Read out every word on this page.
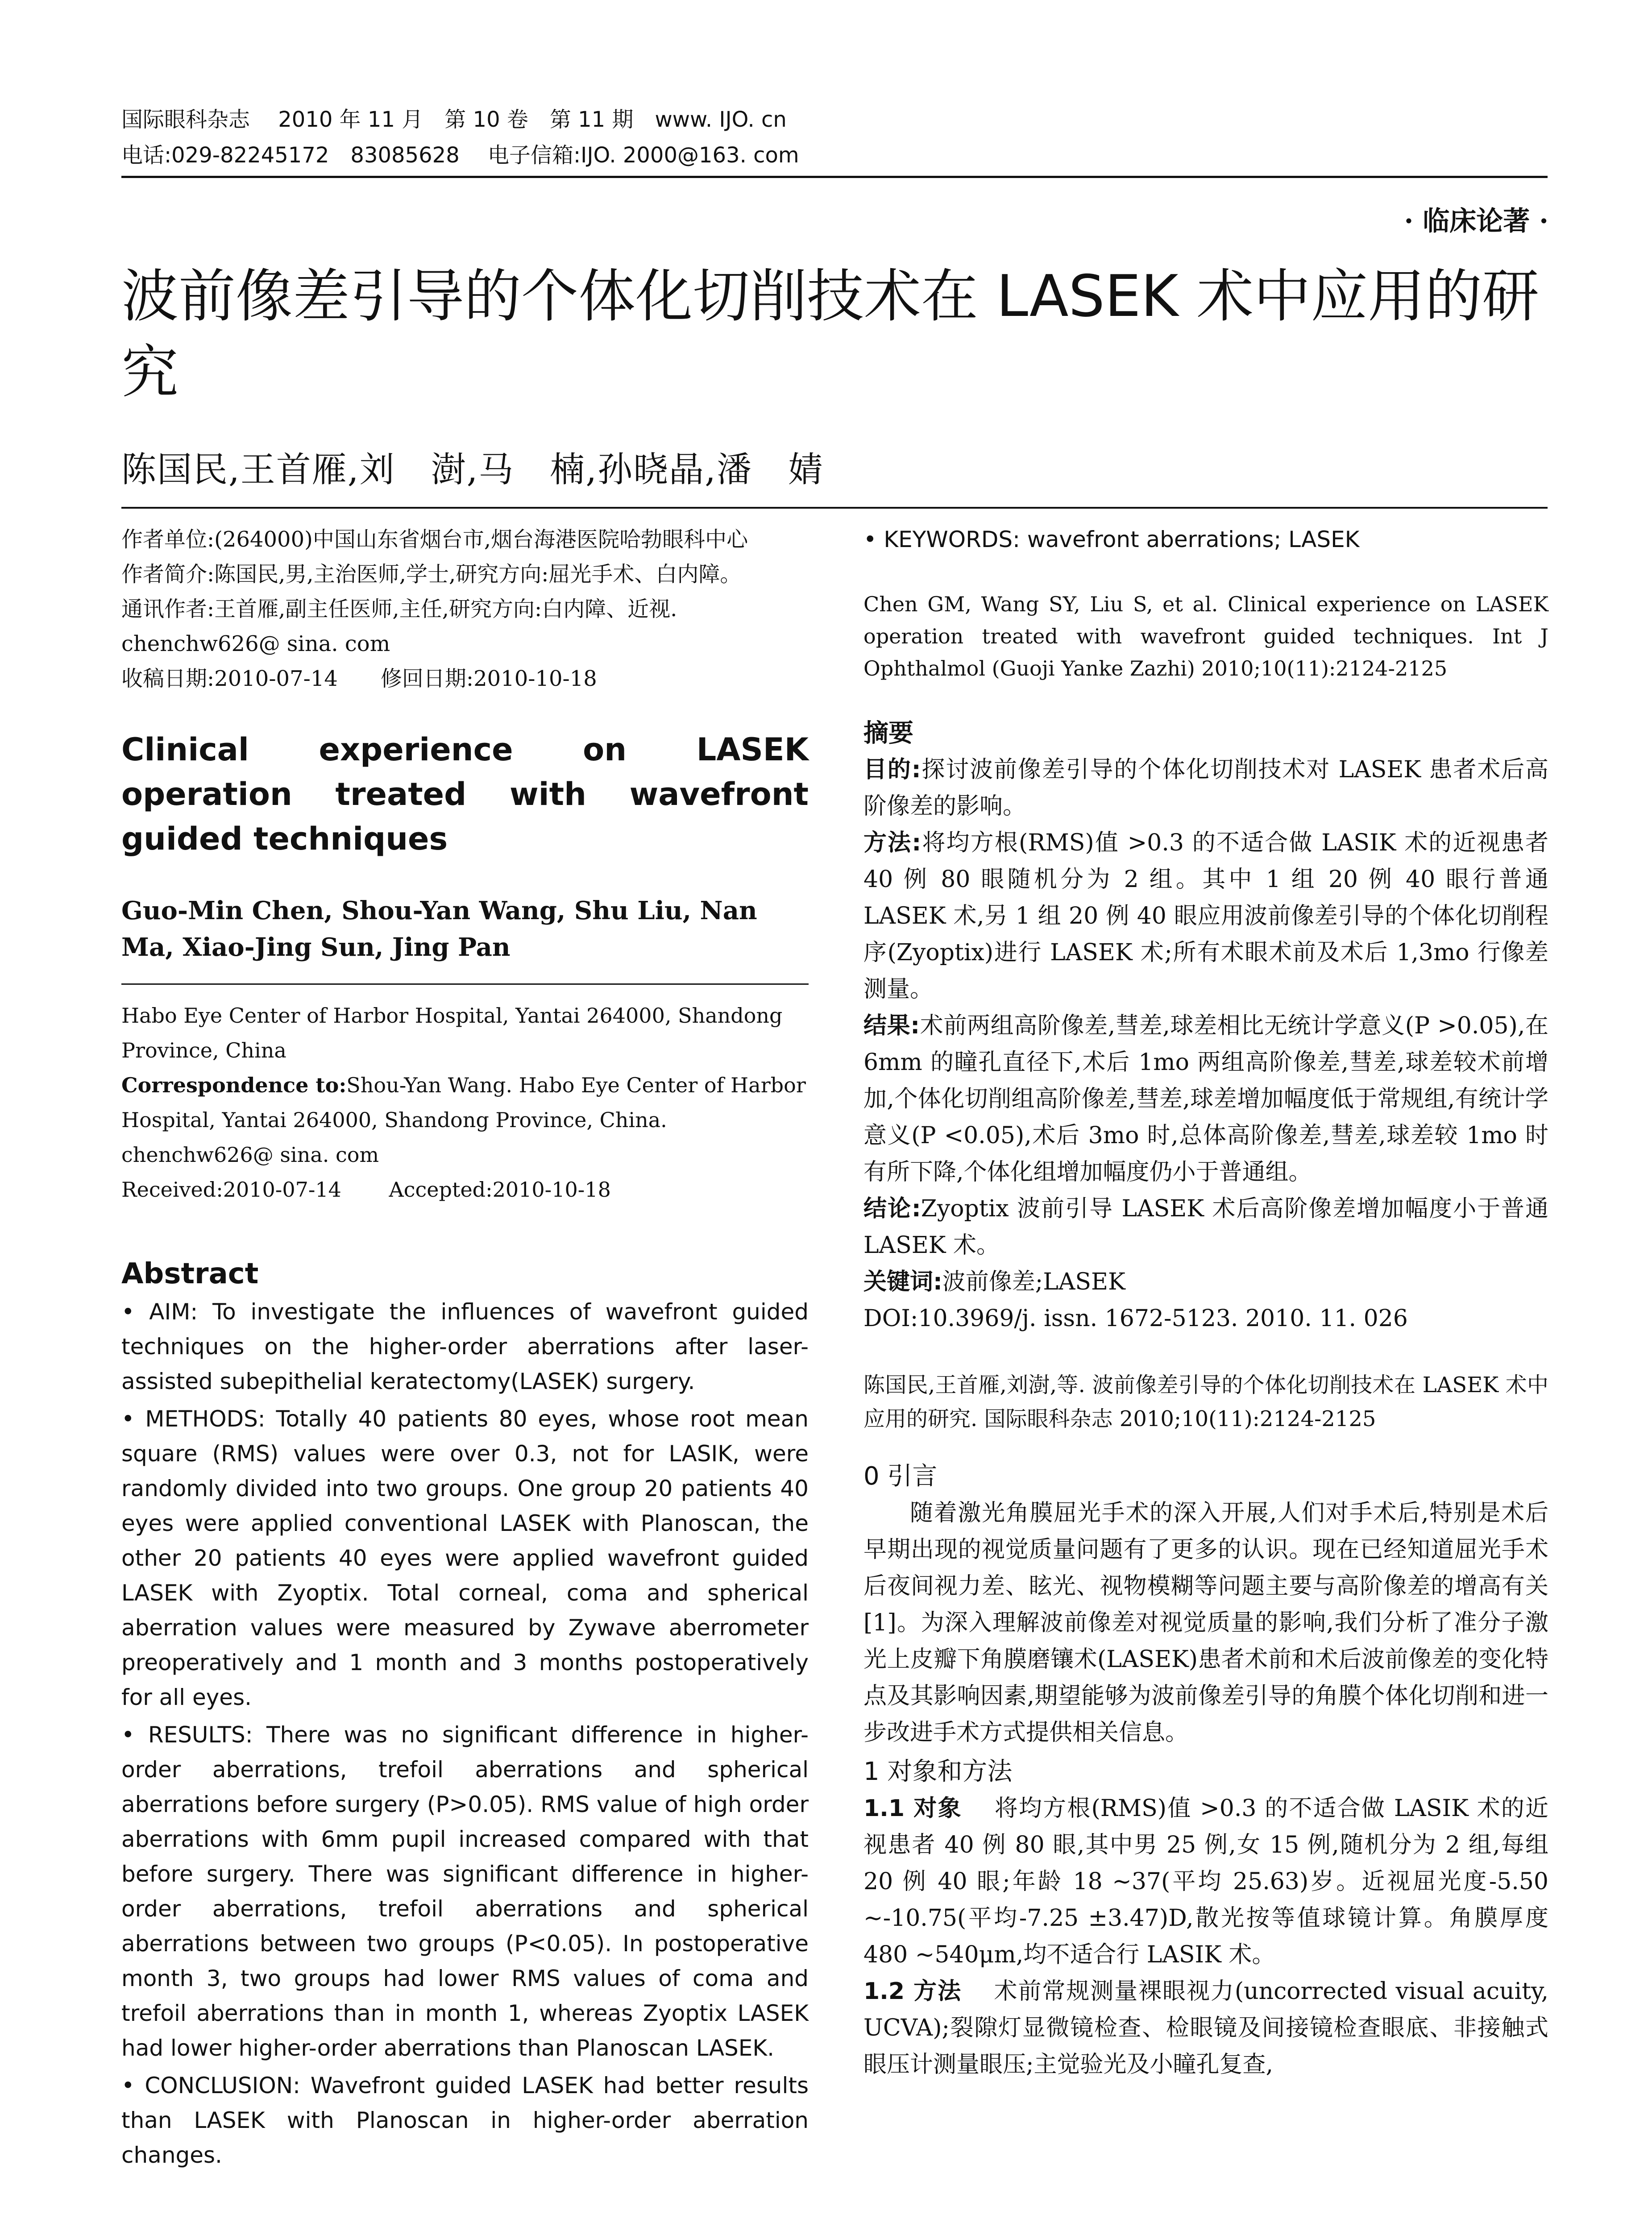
国际眼科杂志　 2010 年 11 月　第 10 卷　第 11 期　www. IJO. cn
电话:029-82245172　83085628　 电子信箱:IJO. 2000@163. com
· 临床论著 ·
波前像差引导的个体化切削技术在 LASEK 术中应用的研究
陈国民,王首雁,刘　澍,马　楠,孙晓晶,潘　婧

作者单位:(264000)中国山东省烟台市,烟台海港医院哈勃眼科中心

作者简介:陈国民,男,主治医师,学士,研究方向:屈光手术、白内障。

通讯作者:王首雁,副主任医师,主任,研究方向:白内障、近视. chenchw626@ sina. com

收稿日期:2010-07-14　　修回日期:2010-10-18

Clinical experience on LASEK operation treated with wavefront guided techniques
Guo-Min Chen, Shou-Yan Wang, Shu Liu, Nan Ma, Xiao-Jing Sun, Jing Pan

Habo Eye Center of Harbor Hospital, Yantai 264000, Shandong Province, China

Correspondence to:Shou-Yan Wang. Habo Eye Center of Harbor Hospital, Yantai 264000, Shandong Province, China. chenchw626@ sina. com

Received:2010-07-14　　 Accepted:2010-10-18

Abstract

• AIM: To investigate the influences of wavefront guided techniques on the higher-order aberrations after laser-assisted subepithelial keratectomy(LASEK) surgery.

• METHODS: Totally 40 patients 80 eyes, whose root mean square (RMS) values were over 0.3, not for LASIK, were randomly divided into two groups. One group 20 patients 40 eyes were applied conventional LASEK with Planoscan, the other 20 patients 40 eyes were applied wavefront guided LASEK with Zyoptix. Total corneal, coma and spherical aberration values were measured by Zywave aberrometer preoperatively and 1 month and 3 months postoperatively for all eyes.

• RESULTS: There was no significant difference in higher-order aberrations, trefoil aberrations and spherical aberrations before surgery (P>0.05). RMS value of high order aberrations with 6mm pupil increased compared with that before surgery. There was significant difference in higher-order aberrations, trefoil aberrations and spherical aberrations between two groups (P<0.05). In postoperative month 3, two groups had lower RMS values of coma and trefoil aberrations than in month 1, whereas Zyoptix LASEK had lower higher-order aberrations than Planoscan LASEK.

• CONCLUSION: Wavefront guided LASEK had better results than LASEK with Planoscan in higher-order aberration changes.

• KEYWORDS: wavefront aberrations; LASEK
Chen GM, Wang SY, Liu S, et al. Clinical experience on LASEK operation treated with wavefront guided techniques. Int J Ophthalmol (Guoji Yanke Zazhi) 2010;10(11):2124-2125
摘要

目的:探讨波前像差引导的个体化切削技术对 LASEK 患者术后高阶像差的影响。

方法:将均方根(RMS)值 >0.3 的不适合做 LASIK 术的近视患者 40 例 80 眼随机分为 2 组。其中 1 组 20 例 40 眼行普通 LASEK 术,另 1 组 20 例 40 眼应用波前像差引导的个体化切削程序(Zyoptix)进行 LASEK 术;所有术眼术前及术后 1,3mo 行像差测量。

结果:术前两组高阶像差,彗差,球差相比无统计学意义(P >0.05),在 6mm 的瞳孔直径下,术后 1mo 两组高阶像差,彗差,球差较术前增加,个体化切削组高阶像差,彗差,球差增加幅度低于常规组,有统计学意义(P <0.05),术后 3mo 时,总体高阶像差,彗差,球差较 1mo 时有所下降,个体化组增加幅度仍小于普通组。

结论:Zyoptix 波前引导 LASEK 术后高阶像差增加幅度小于普通 LASEK 术。

关键词:波前像差;LASEK

DOI:10.3969/j. issn. 1672-5123. 2010. 11. 026

陈国民,王首雁,刘澍,等. 波前像差引导的个体化切削技术在 LASEK 术中应用的研究. 国际眼科杂志 2010;10(11):2124-2125
0 引言

随着激光角膜屈光手术的深入开展,人们对手术后,特别是术后早期出现的视觉质量问题有了更多的认识。现在已经知道屈光手术后夜间视力差、眩光、视物模糊等问题主要与高阶像差的增高有关[1]。为深入理解波前像差对视觉质量的影响,我们分析了准分子激光上皮瓣下角膜磨镶术(LASEK)患者术前和术后波前像差的变化特点及其影响因素,期望能够为波前像差引导的角膜个体化切削和进一步改进手术方式提供相关信息。

1 对象和方法

1.1 对象　 将均方根(RMS)值 >0.3 的不适合做 LASIK 术的近视患者 40 例 80 眼,其中男 25 例,女 15 例,随机分为 2 组,每组 20 例 40 眼;年龄 18 ~37(平均 25.63)岁。近视屈光度-5.50 ~-10.75(平均-7.25 ±3.47)D,散光按等值球镜计算。角膜厚度 480 ~540μm,均不适合行 LASIK 术。

1.2 方法　 术前常规测量裸眼视力(uncorrected visual acuity, UCVA);裂隙灯显微镜检查、检眼镜及间接镜检查眼底、非接触式眼压计测量眼压;主觉验光及小瞳孔复查,
